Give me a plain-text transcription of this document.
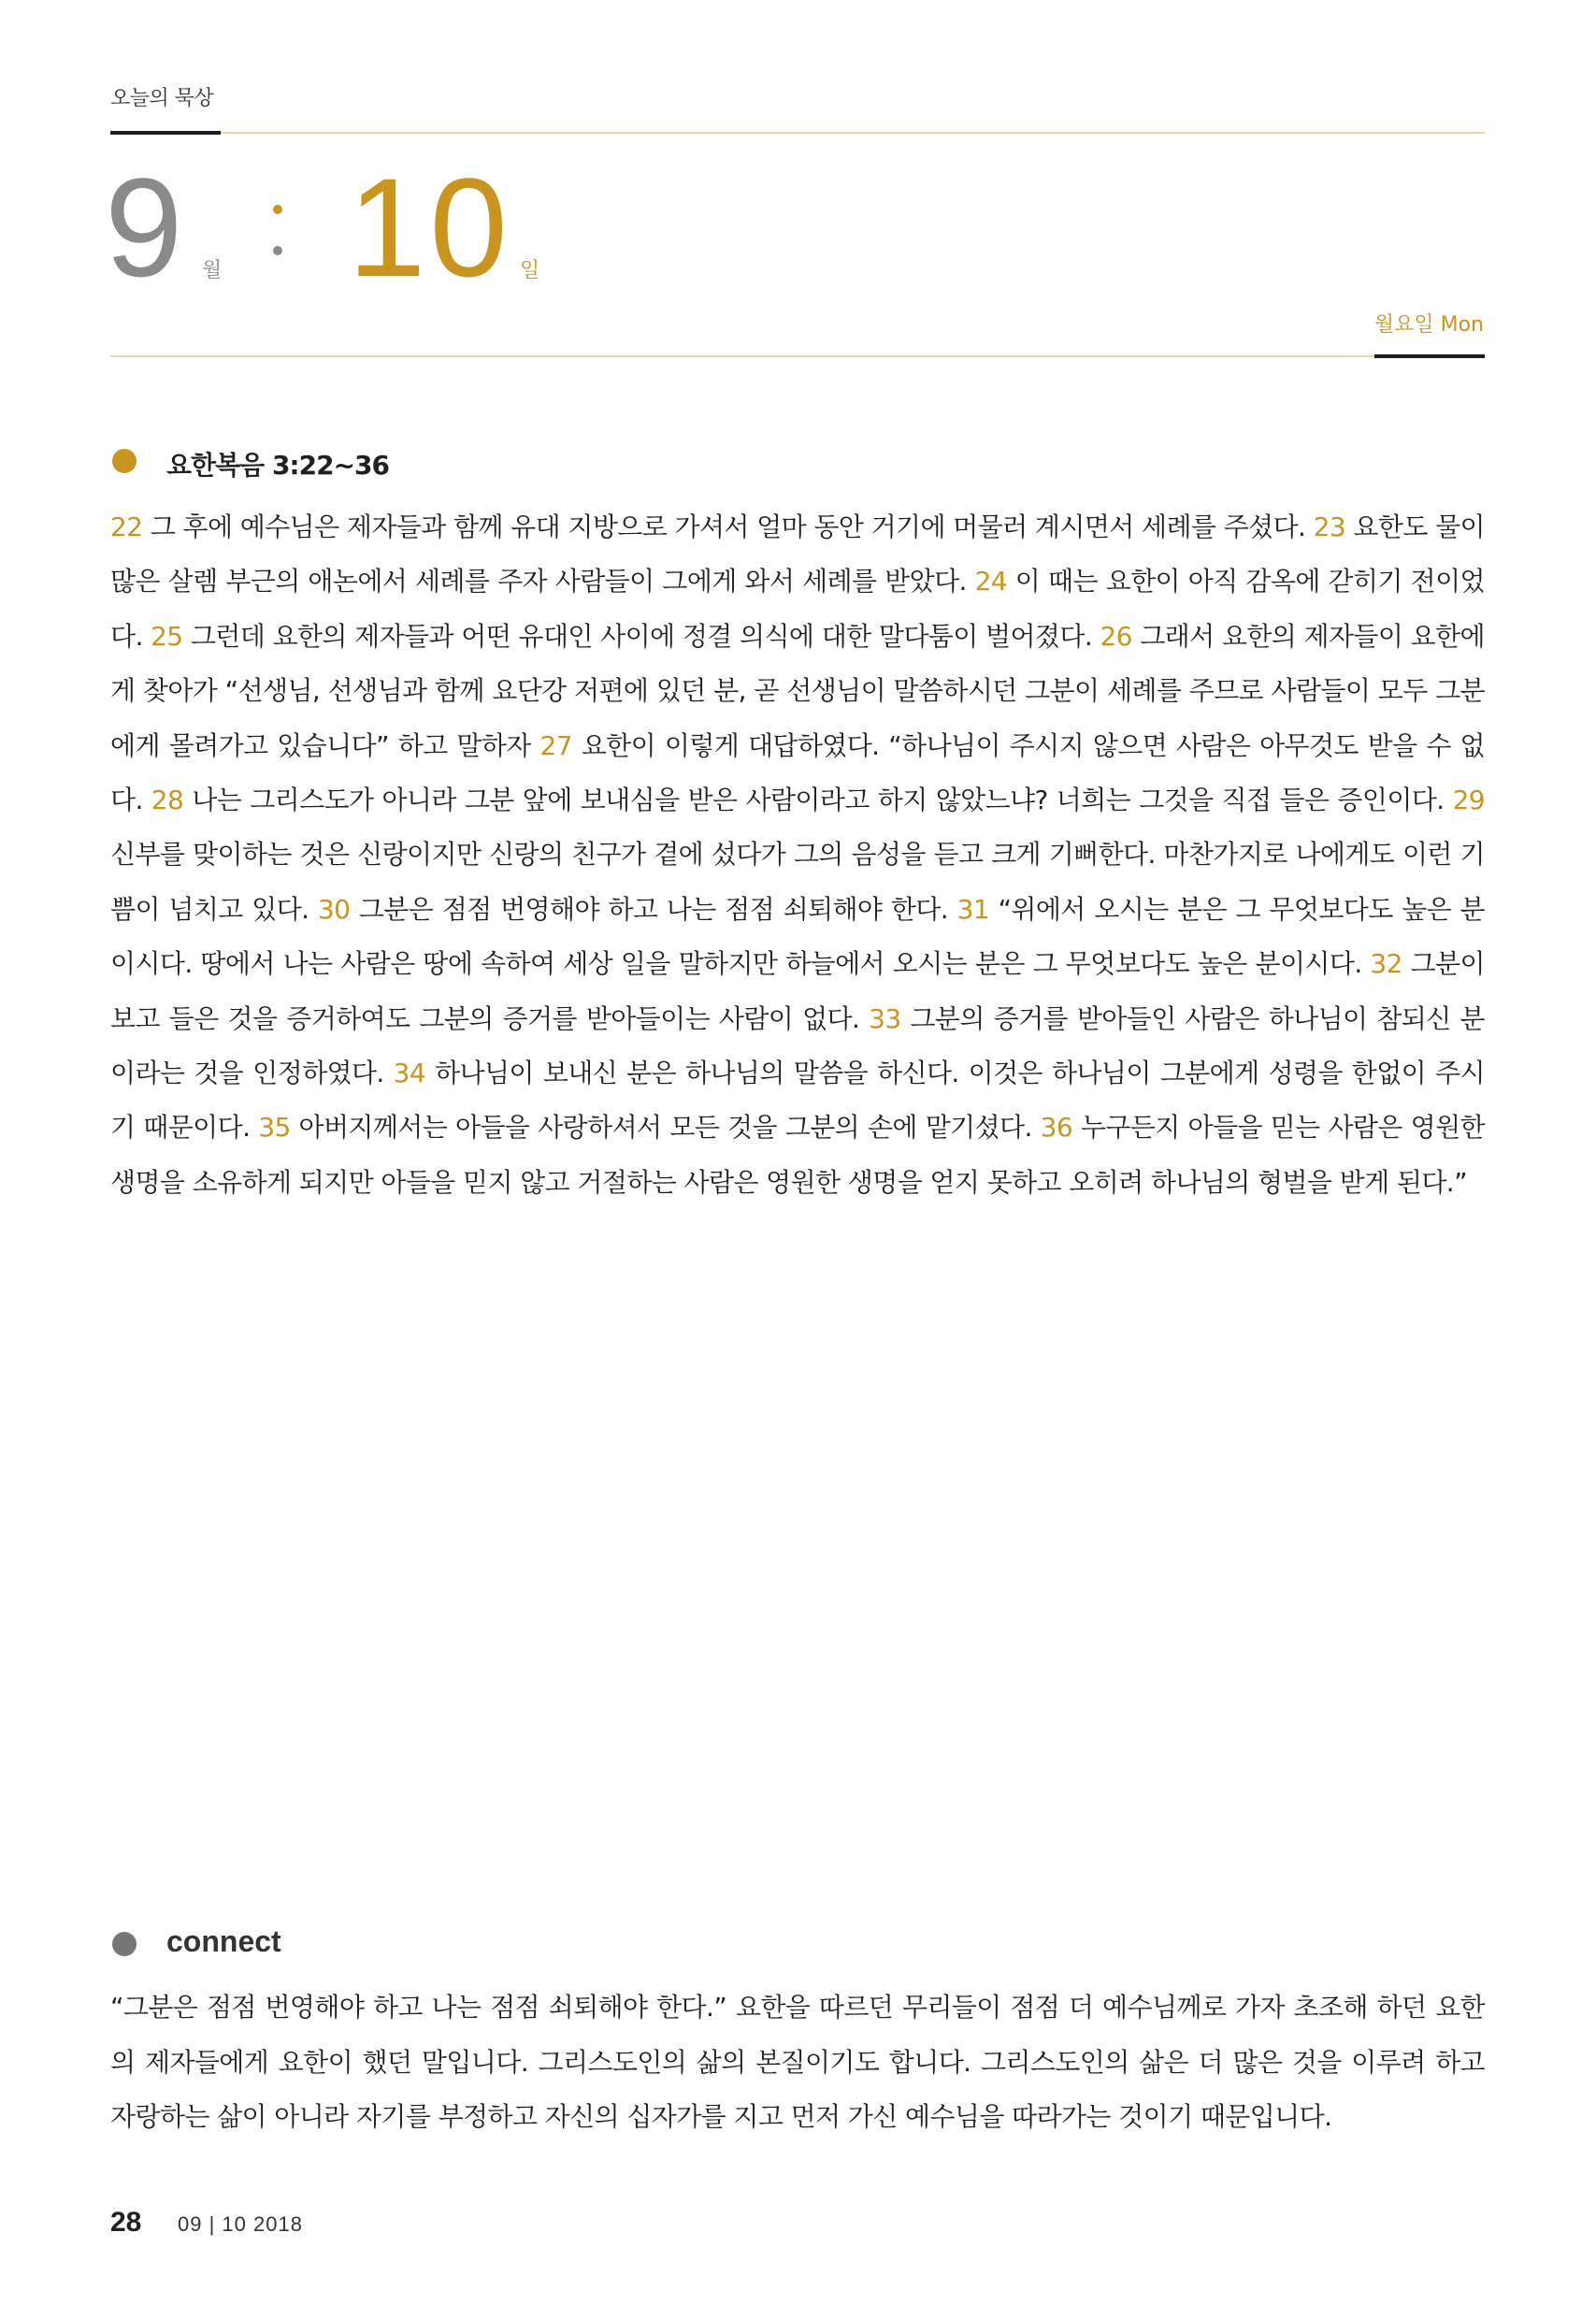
오늘의 묵상
9 월 10 일
월요일 Mon
요한복음 3:22~36
22 그 후에 예수님은 제자들과 함께 유대 지방으로 가셔서 얼마 동안 거기에 머물러 계시면서 세례를 주셨다. 23 요한도 물이 많은 살렘 부근의 애논에서 세례를 주자 사람들이 그에게 와서 세례를 받았다. 24 이 때는 요한이 아직 감옥에 갇히기 전이었다. 25 그런데 요한의 제자들과 어떤 유대인 사이에 정결 의식에 대한 말다툼이 벌어졌다. 26 그래서 요한의 제자들이 요한에게 찾아가 “선생님, 선생님과 함께 요단강 저편에 있던 분, 곧 선생님이 말씀하시던 그분이 세례를 주므로 사람들이 모두 그분에게 몰려가고 있습니다” 하고 말하자 27 요한이 이렇게 대답하였다. “하나님이 주시지 않으면 사람은 아무것도 받을 수 없다. 28 나는 그리스도가 아니라 그분 앞에 보내심을 받은 사람이라고 하지 않았느냐? 너희는 그것을 직접 들은 증인이다. 29 신부를 맞이하는 것은 신랑이지만 신랑의 친구가 곁에 섰다가 그의 음성을 듣고 크게 기뻐한다. 마찬가지로 나에게도 이런 기쁨이 넘치고 있다. 30 그분은 점점 번영해야 하고 나는 점점 쇠퇴해야 한다. 31 “위에서 오시는 분은 그 무엇보다도 높은 분이시다. 땅에서 나는 사람은 땅에 속하여 세상 일을 말하지만 하늘에서 오시는 분은 그 무엇보다도 높은 분이시다. 32 그분이 보고 들은 것을 증거하여도 그분의 증거를 받아들이는 사람이 없다. 33 그분의 증거를 받아들인 사람은 하나님이 참되신 분이라는 것을 인정하였다. 34 하나님이 보내신 분은 하나님의 말씀을 하신다. 이것은 하나님이 그분에게 성령을 한없이 주시기 때문이다. 35 아버지께서는 아들을 사랑하셔서 모든 것을 그분의 손에 맡기셨다. 36 누구든지 아들을 믿는 사람은 영원한 생명을 소유하게 되지만 아들을 믿지 않고 거절하는 사람은 영원한 생명을 얻지 못하고 오히려 하나님의 형벌을 받게 된다.”
connect
“그분은 점점 번영해야 하고 나는 점점 쇠퇴해야 한다.” 요한을 따르던 무리들이 점점 더 예수님께로 가자 초조해 하던 요한의 제자들에게 요한이 했던 말입니다. 그리스도인의 삶의 본질이기도 합니다. 그리스도인의 삶은 더 많은 것을 이루려 하고 자랑하는 삶이 아니라 자기를 부정하고 자신의 십자가를 지고 먼저 가신 예수님을 따라가는 것이기 때문입니다.
28 09 | 10 2018
